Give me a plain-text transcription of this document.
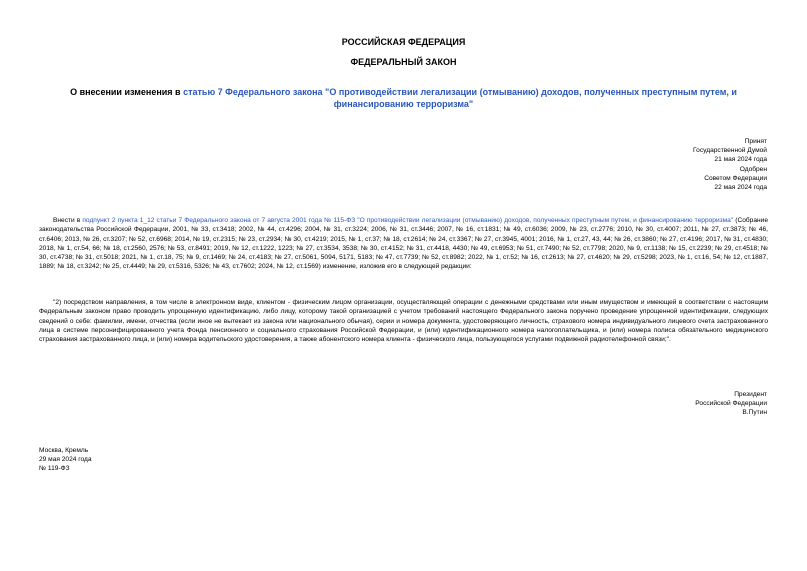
РОССИЙСКАЯ ФЕДЕРАЦИЯ
ФЕДЕРАЛЬНЫЙ ЗАКОН
О внесении изменения в статью 7 Федерального закона "О противодействии легализации (отмыванию) доходов, полученных преступным путем, и финансированию терроризма"
Принят
Государственной Думой
21 мая 2024 года
Одобрен
Советом Федерации
22 мая 2024 года
Внести в подпункт 2 пункта 1_12 статьи 7 Федерального закона от 7 августа 2001 года № 115-ФЗ "О противодействии легализации (отмыванию) доходов, полученных преступным путем, и финансированию терроризма" (Собрание законодательства Российской Федерации, 2001, № 33, ст.3418; 2002, № 44, ст.4296; 2004, № 31, ст.3224; 2006, № 31, ст.3446; 2007, № 16, ст.1831; № 49, ст.6036; 2009, № 23, ст.2776; 2010, № 30, ст.4007; 2011, № 27, ст.3873; № 46, ст.6406; 2013, № 26, ст.3207; № 52, ст.6968; 2014, № 19, ст.2315; № 23, ст.2934; № 30, ст.4219; 2015, № 1, ст.37; № 18, ст.2614; № 24, ст.3367; № 27, ст.3945, 4001; 2016, № 1, ст.27, 43, 44; № 26, ст.3860; № 27, ст.4196; 2017, № 31, ст.4830; 2018, № 1, ст.54, 66; № 18, ст.2560, 2576; № 53, ст.8491; 2019, № 12, ст.1222, 1223; № 27, ст.3534, 3538; № 30, ст.4152; № 31, ст.4418, 4430; № 49, ст.6953; № 51, ст.7490; № 52, ст.7798; 2020, № 9, ст.1138; № 15, ст.2239; № 29, ст.4518; № 30, ст.4738; № 31, ст.5018; 2021, № 1, ст.18, 75; № 9, ст.1469; № 24, ст.4183; № 27, ст.5061, 5094, 5171, 5183; № 47, ст.7739; № 52, ст.8982; 2022, № 1, ст.52; № 16, ст.2613; № 27, ст.4620; № 29, ст.5298; 2023, № 1, ст.16, 54; № 12, ст.1887, 1889; № 18, ст.3242; № 25, ст.4449; № 29, ст.5316, 5326; № 43, ст.7602; 2024, № 12, ст.1569) изменение, изложив его в следующей редакции:
"2) посредством направления, в том числе в электронном виде, клиентом - физическим лицом организации, осуществляющей операции с денежными средствами или иным имуществом и имеющей в соответствии с настоящим Федеральным законом право проводить упрощенную идентификацию, либо лицу, которому такой организацией с учетом требований настоящего Федерального закона поручено проведение упрощенной идентификации, следующих сведений о себе: фамилии, имени, отчества (если иное не вытекает из закона или национального обычая), серии и номера документа, удостоверяющего личность, страхового номера индивидуального лицевого счета застрахованного лица в системе персонифицированного учета Фонда пенсионного и социального страхования Российской Федерации, и (или) идентификационного номера налогоплательщика, и (или) номера полиса обязательного медицинского страхования застрахованного лица, и (или) номера водительского удостоверения, а также абонентского номера клиента - физического лица, пользующегося услугами подвижной радиотелефонной связи;".
Президент
Российской Федерации
В.Путин
Москва, Кремль
29 мая 2024 года
№ 119-ФЗ
